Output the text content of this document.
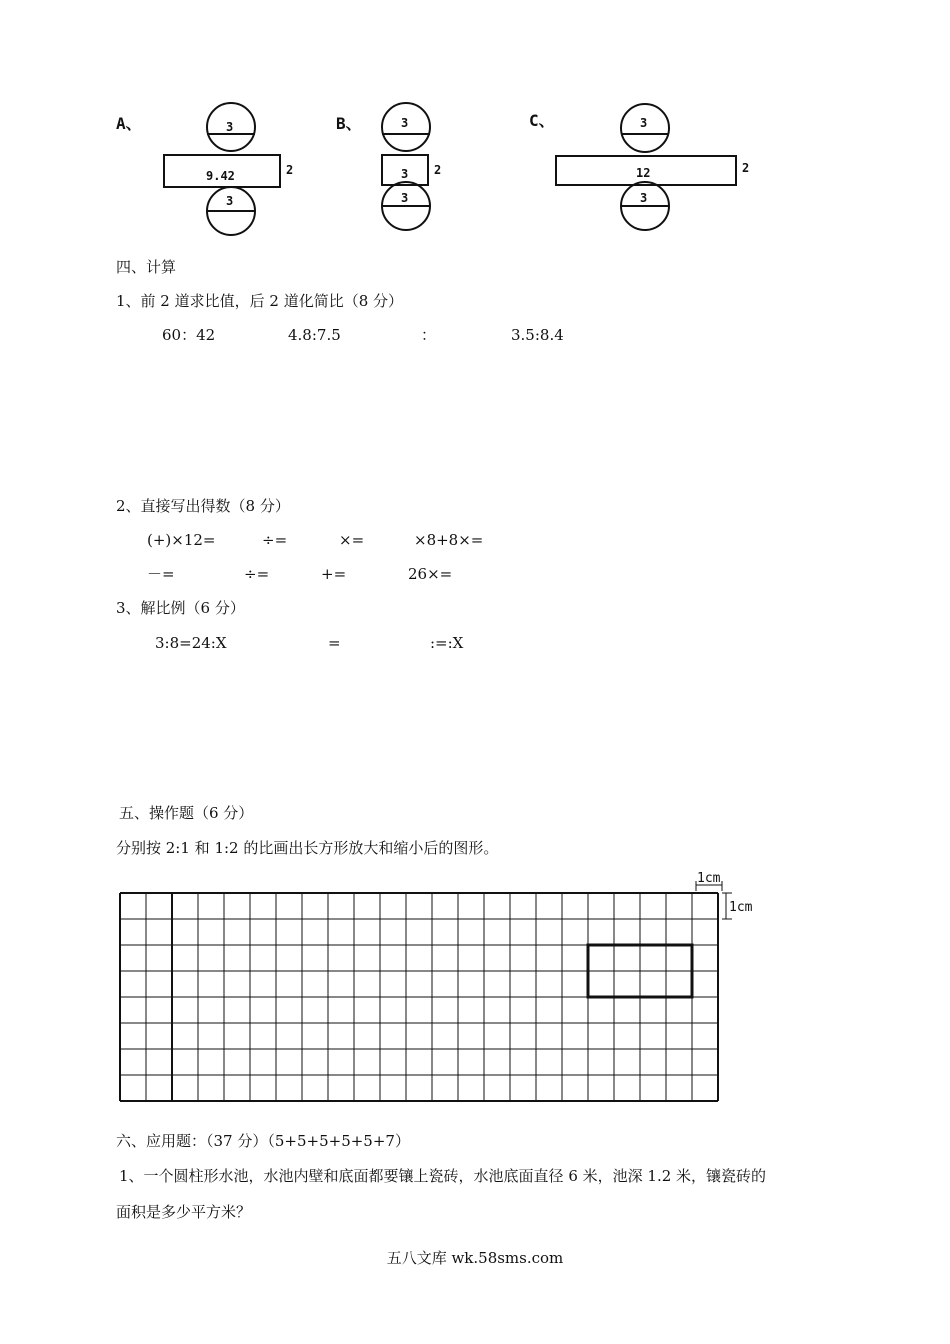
A、	B、	C、
3
9.42	2
3
3
3 2
3
3
12	2
3
1cm
1cm
四、计算
1、前 2 道求比值，后 2 道化简比（8 分）
60：42	4.8:7.5	：	3.5:8.4
2、直接写出得数（8 分）
(+)×12=	÷=	×=	×8+8×=
－=	÷=	+=	26×=
3、解比例（6 分）
3:8=24:X	=	:=:X
五、操作题（6 分）
分别按 2:1 和 1:2 的比画出长方形放大和缩小后的图形。
六、应用题：（37 分）（5+5+5+5+5+7）
1、一个圆柱形水池，水池内壁和底面都要镶上瓷砖，水池底面直径 6 米，池深 1.2 米，镶瓷砖的
面积是多少平方米？
五八文库 wk.58sms.com
